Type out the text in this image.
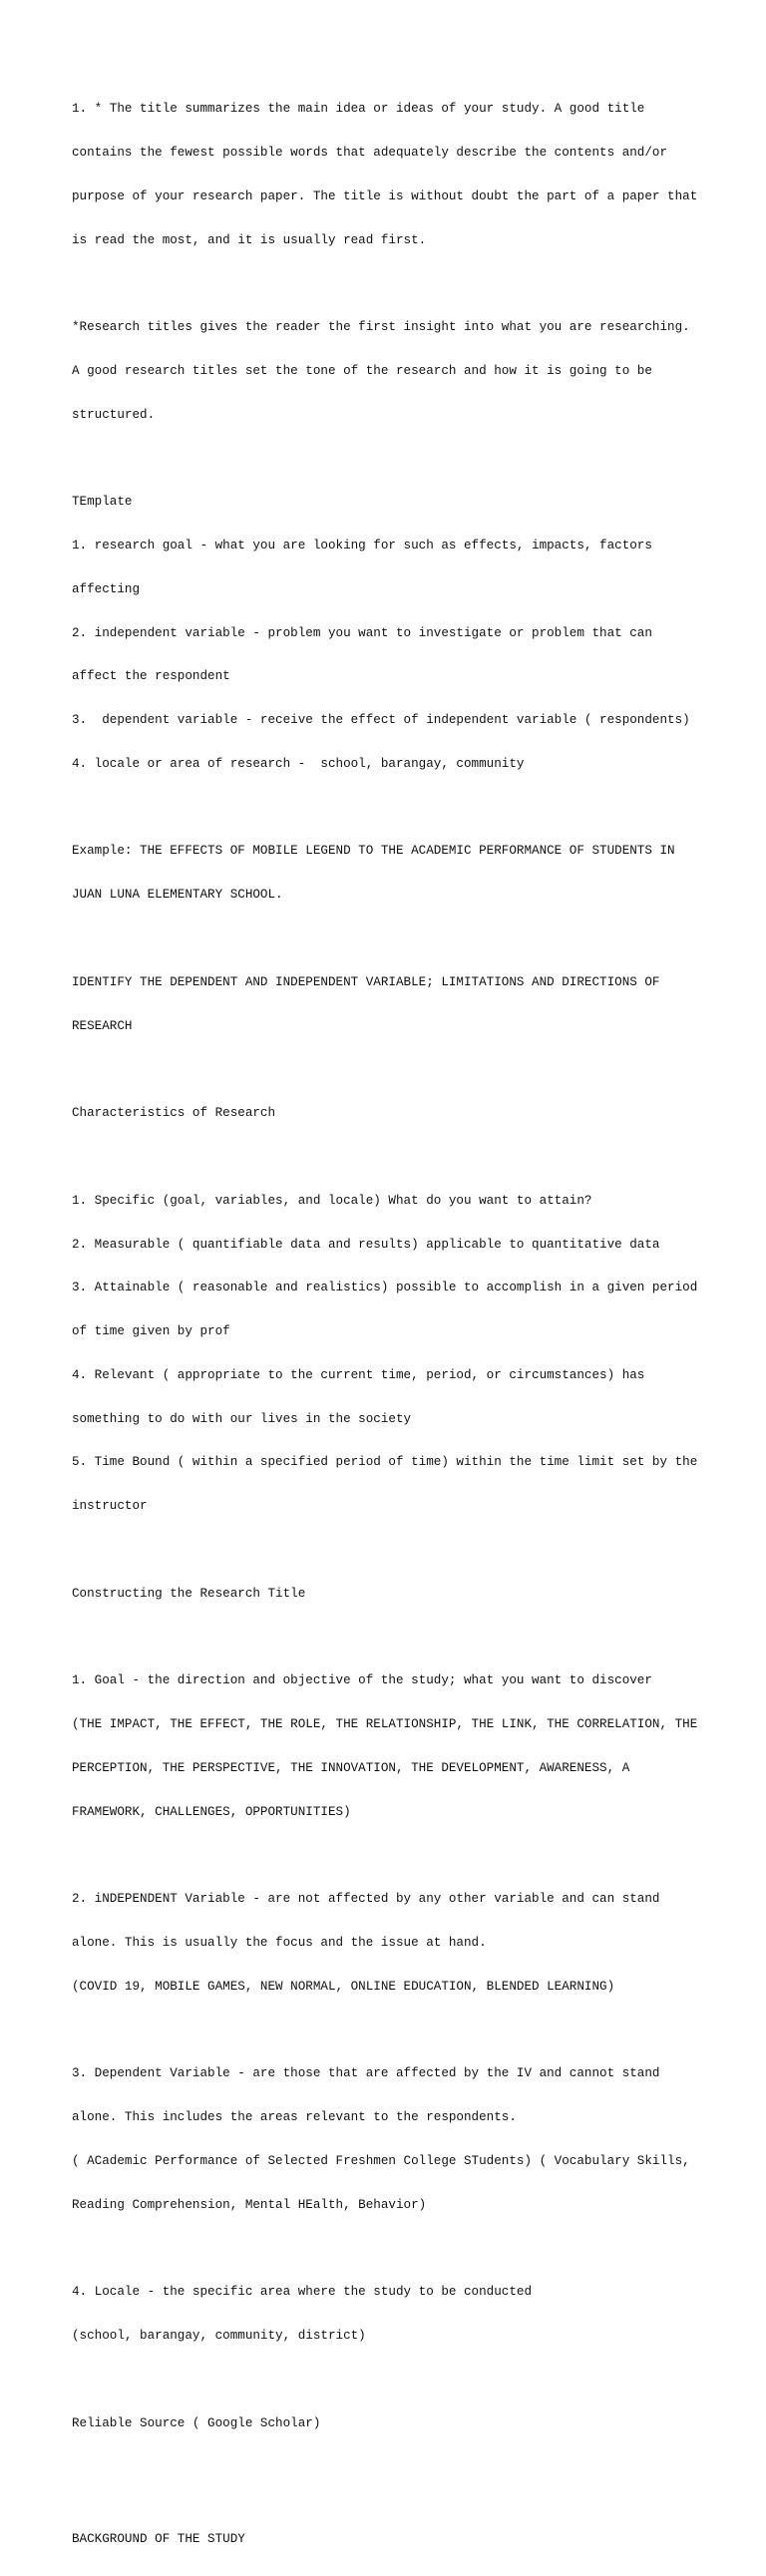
1. * The title summarizes the main idea or ideas of your study. A good title

contains the fewest possible words that adequately describe the contents and/or

purpose of your research paper. The title is without doubt the part of a paper that

is read the most, and it is usually read first.

*Research titles gives the reader the first insight into what you are researching.

A good research titles set the tone of the research and how it is going to be

structured.

TEmplate

1. research goal - what you are looking for such as effects, impacts, factors

affecting

2. independent variable - problem you want to investigate or problem that can

affect the respondent

3.  dependent variable - receive the effect of independent variable ( respondents)

4. locale or area of research -  school, barangay, community

Example: THE EFFECTS OF MOBILE LEGEND TO THE ACADEMIC PERFORMANCE OF STUDENTS IN

JUAN LUNA ELEMENTARY SCHOOL.

IDENTIFY THE DEPENDENT AND INDEPENDENT VARIABLE; LIMITATIONS AND DIRECTIONS OF

RESEARCH

Characteristics of Research

1. Specific (goal, variables, and locale) What do you want to attain?

2. Measurable ( quantifiable data and results) applicable to quantitative data

3. Attainable ( reasonable and realistics) possible to accomplish in a given period

of time given by prof

4. Relevant ( appropriate to the current time, period, or circumstances) has

something to do with our lives in the society

5. Time Bound ( within a specified period of time) within the time limit set by the

instructor

Constructing the Research Title

1. Goal - the direction and objective of the study; what you want to discover

(THE IMPACT, THE EFFECT, THE ROLE, THE RELATIONSHIP, THE LINK, THE CORRELATION, THE

PERCEPTION, THE PERSPECTIVE, THE INNOVATION, THE DEVELOPMENT, AWARENESS, A

FRAMEWORK, CHALLENGES, OPPORTUNITIES)

2. iNDEPENDENT Variable - are not affected by any other variable and can stand

alone. This is usually the focus and the issue at hand.

(COVID 19, MOBILE GAMES, NEW NORMAL, ONLINE EDUCATION, BLENDED LEARNING)

3. Dependent Variable - are those that are affected by the IV and cannot stand

alone. This includes the areas relevant to the respondents.

( ACademic Performance of Selected Freshmen College STudents) ( Vocabulary Skills,

Reading Comprehension, Mental HEalth, Behavior)

4. Locale - the specific area where the study to be conducted

(school, barangay, community, district)

Reliable Source ( Google Scholar)

BACKGROUND OF THE STUDY
